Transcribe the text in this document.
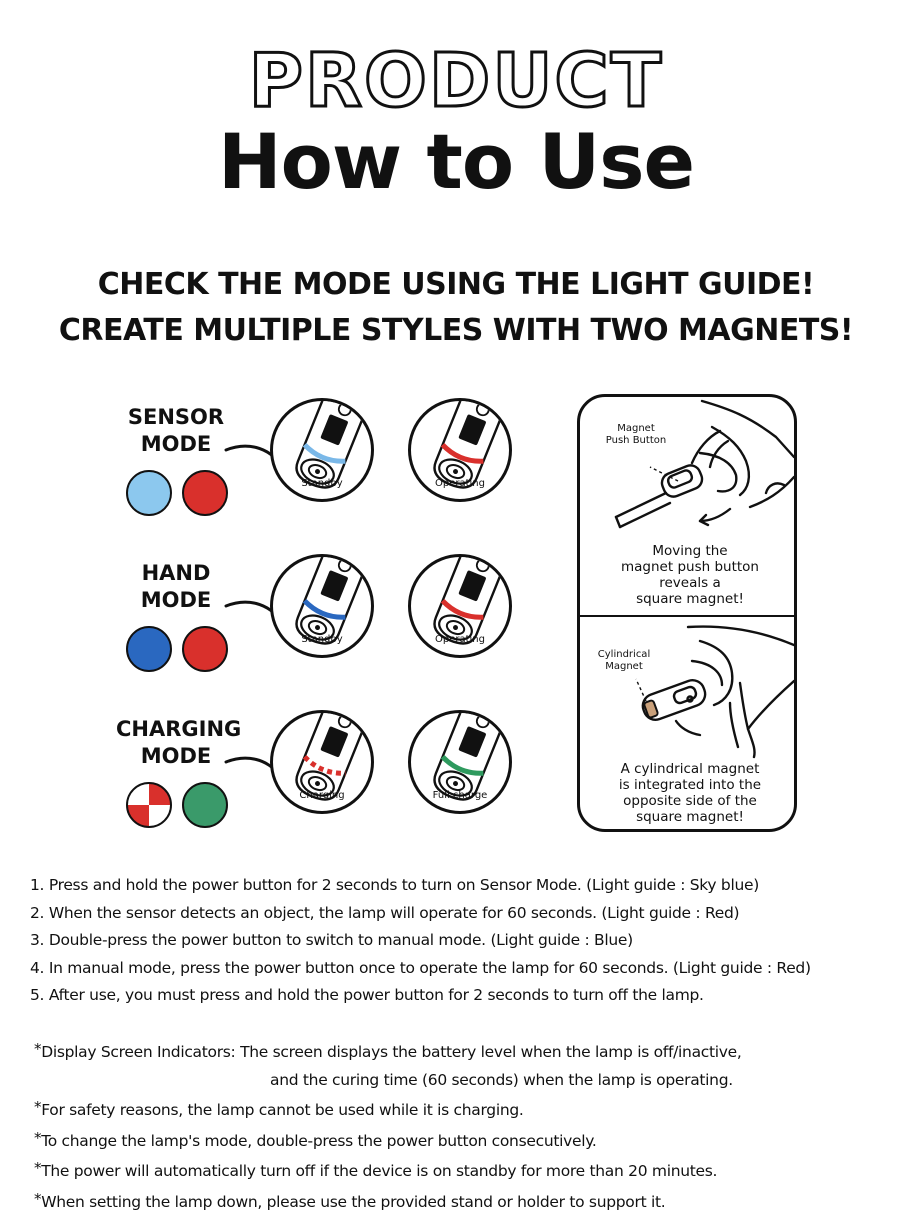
PRODUCT
How to Use
CHECK THE MODE USING THE LIGHT GUIDE!
CREATE MULTIPLE STYLES WITH TWO MAGNETS!
SENSOR
MODE
Standby	Operating
HAND
MODE
Standby	Operating
CHARGING
MODE
Charging	Full charge
Magnet
Push Button
Moving the
magnet push button
reveals a
square magnet!
Cylindrical
Magnet
A cylindrical magnet
is integrated into the
opposite side of the
square magnet!
1. Press and hold the power button for 2 seconds to turn on Sensor Mode. (Light guide : Sky blue)
2. When the sensor detects an object, the lamp will operate for 60 seconds. (Light guide : Red)
3. Double-press the power button to switch to manual mode. (Light guide : Blue)
4. In manual mode, press the power button once to operate the lamp for 60 seconds. (Light guide : Red)
5. After use, you must press and hold the power button for 2 seconds to turn off the lamp.
*Display Screen Indicators: The screen displays the battery level when the lamp is off/inactive,
and the curing time (60 seconds) when the lamp is operating.
*For safety reasons, the lamp cannot be used while it is charging.
*To change the lamp's mode, double-press the power button consecutively.
*The power will automatically turn off if the device is on standby for more than 20 minutes.
*When setting the lamp down, please use the provided stand or holder to support it.
